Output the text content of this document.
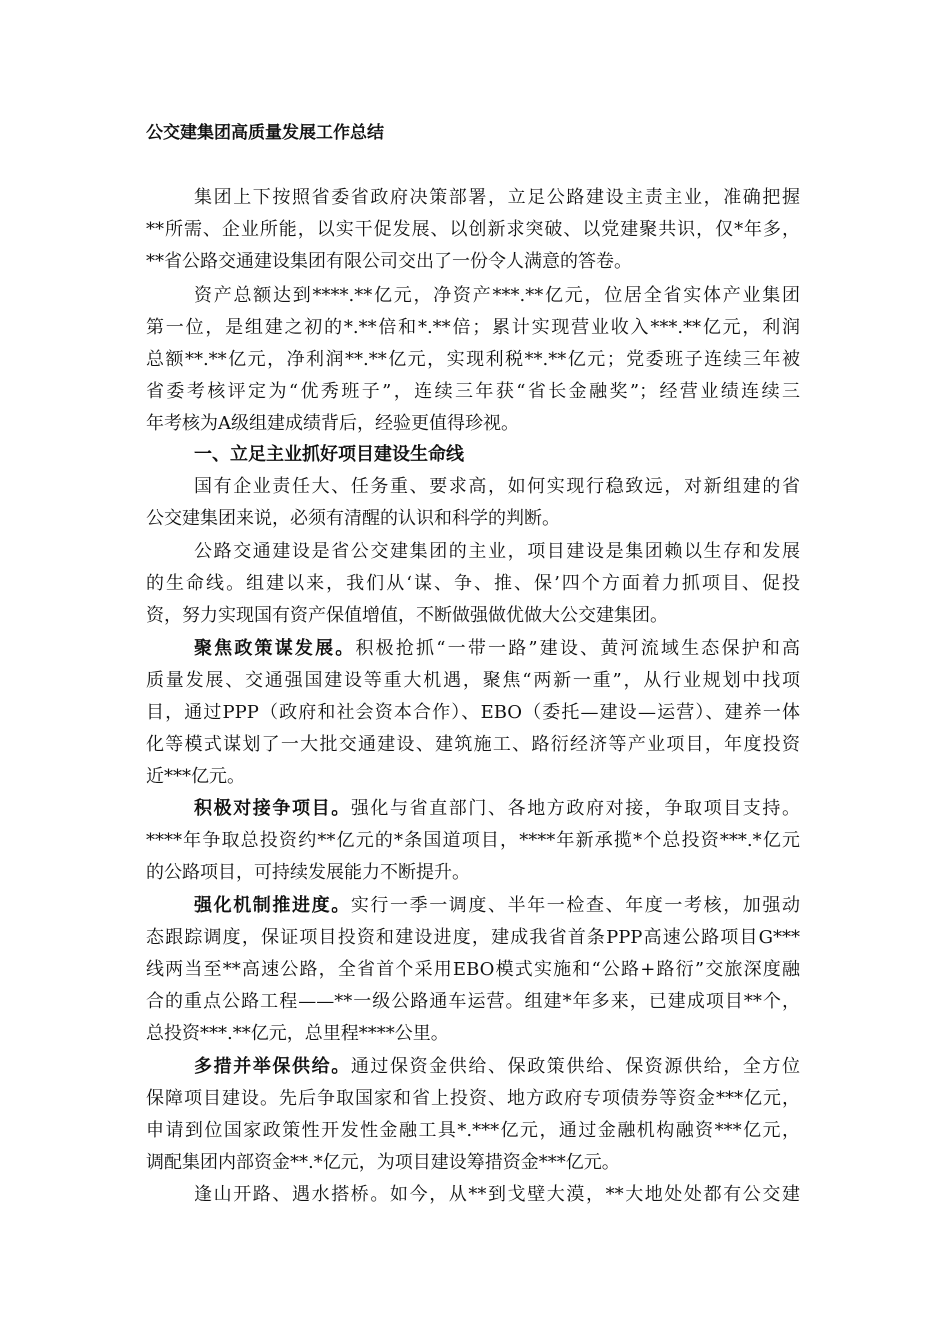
公交建集团高质量发展工作总结
集团上下按照省委省政府决策部署，立足公路建设主责主业，准确把握
**所需、企业所能，以实干促发展、以创新求突破、以党建聚共识，仅*年多，
**省公路交通建设集团有限公司交出了一份令人满意的答卷。
资产总额达到****.**亿元，净资产***.**亿元，位居全省实体产业集团
第一位，是组建之初的*.**倍和*.**倍；累计实现营业收入***.**亿元，利润
总额**.**亿元，净利润**.**亿元，实现利税**.**亿元；党委班子连续三年被
省委考核评定为“优秀班子”，连续三年获“省长金融奖”；经营业绩连续三
年考核为A级组建成绩背后，经验更值得珍视。
一、立足主业抓好项目建设生命线
国有企业责任大、任务重、要求高，如何实现行稳致远，对新组建的省
公交建集团来说，必须有清醒的认识和科学的判断。
公路交通建设是省公交建集团的主业，项目建设是集团赖以生存和发展
的生命线。组建以来，我们从‘谋、争、推、保’四个方面着力抓项目、促投
资，努力实现国有资产保值增值，不断做强做优做大公交建集团。
聚焦政策谋发展。积极抢抓“一带一路”建设、黄河流域生态保护和高
质量发展、交通强国建设等重大机遇，聚焦“两新一重”，从行业规划中找项
目，通过PPP（政府和社会资本合作）、EBO（委托—建设—运营）、建养一体
化等模式谋划了一大批交通建设、建筑施工、路衍经济等产业项目，年度投资
近***亿元。
积极对接争项目。强化与省直部门、各地方政府对接，争取项目支持。
****年争取总投资约**亿元的*条国道项目，****年新承揽*个总投资***.*亿元
的公路项目，可持续发展能力不断提升。
强化机制推进度。实行一季一调度、半年一检查、年度一考核，加强动
态跟踪调度，保证项目投资和建设进度，建成我省首条PPP高速公路项目G***
线两当至**高速公路，全省首个采用EBO模式实施和“公路+路衍”交旅深度融
合的重点公路工程——**一级公路通车运营。组建*年多来，已建成项目**个，
总投资***.**亿元，总里程****公里。
多措并举保供给。通过保资金供给、保政策供给、保资源供给，全方位
保障项目建设。先后争取国家和省上投资、地方政府专项债券等资金***亿元，
申请到位国家政策性开发性金融工具*.***亿元，通过金融机构融资***亿元，
调配集团内部资金**.*亿元，为项目建设筹措资金***亿元。
逢山开路、遇水搭桥。如今，从**到戈壁大漠，**大地处处都有公交建
